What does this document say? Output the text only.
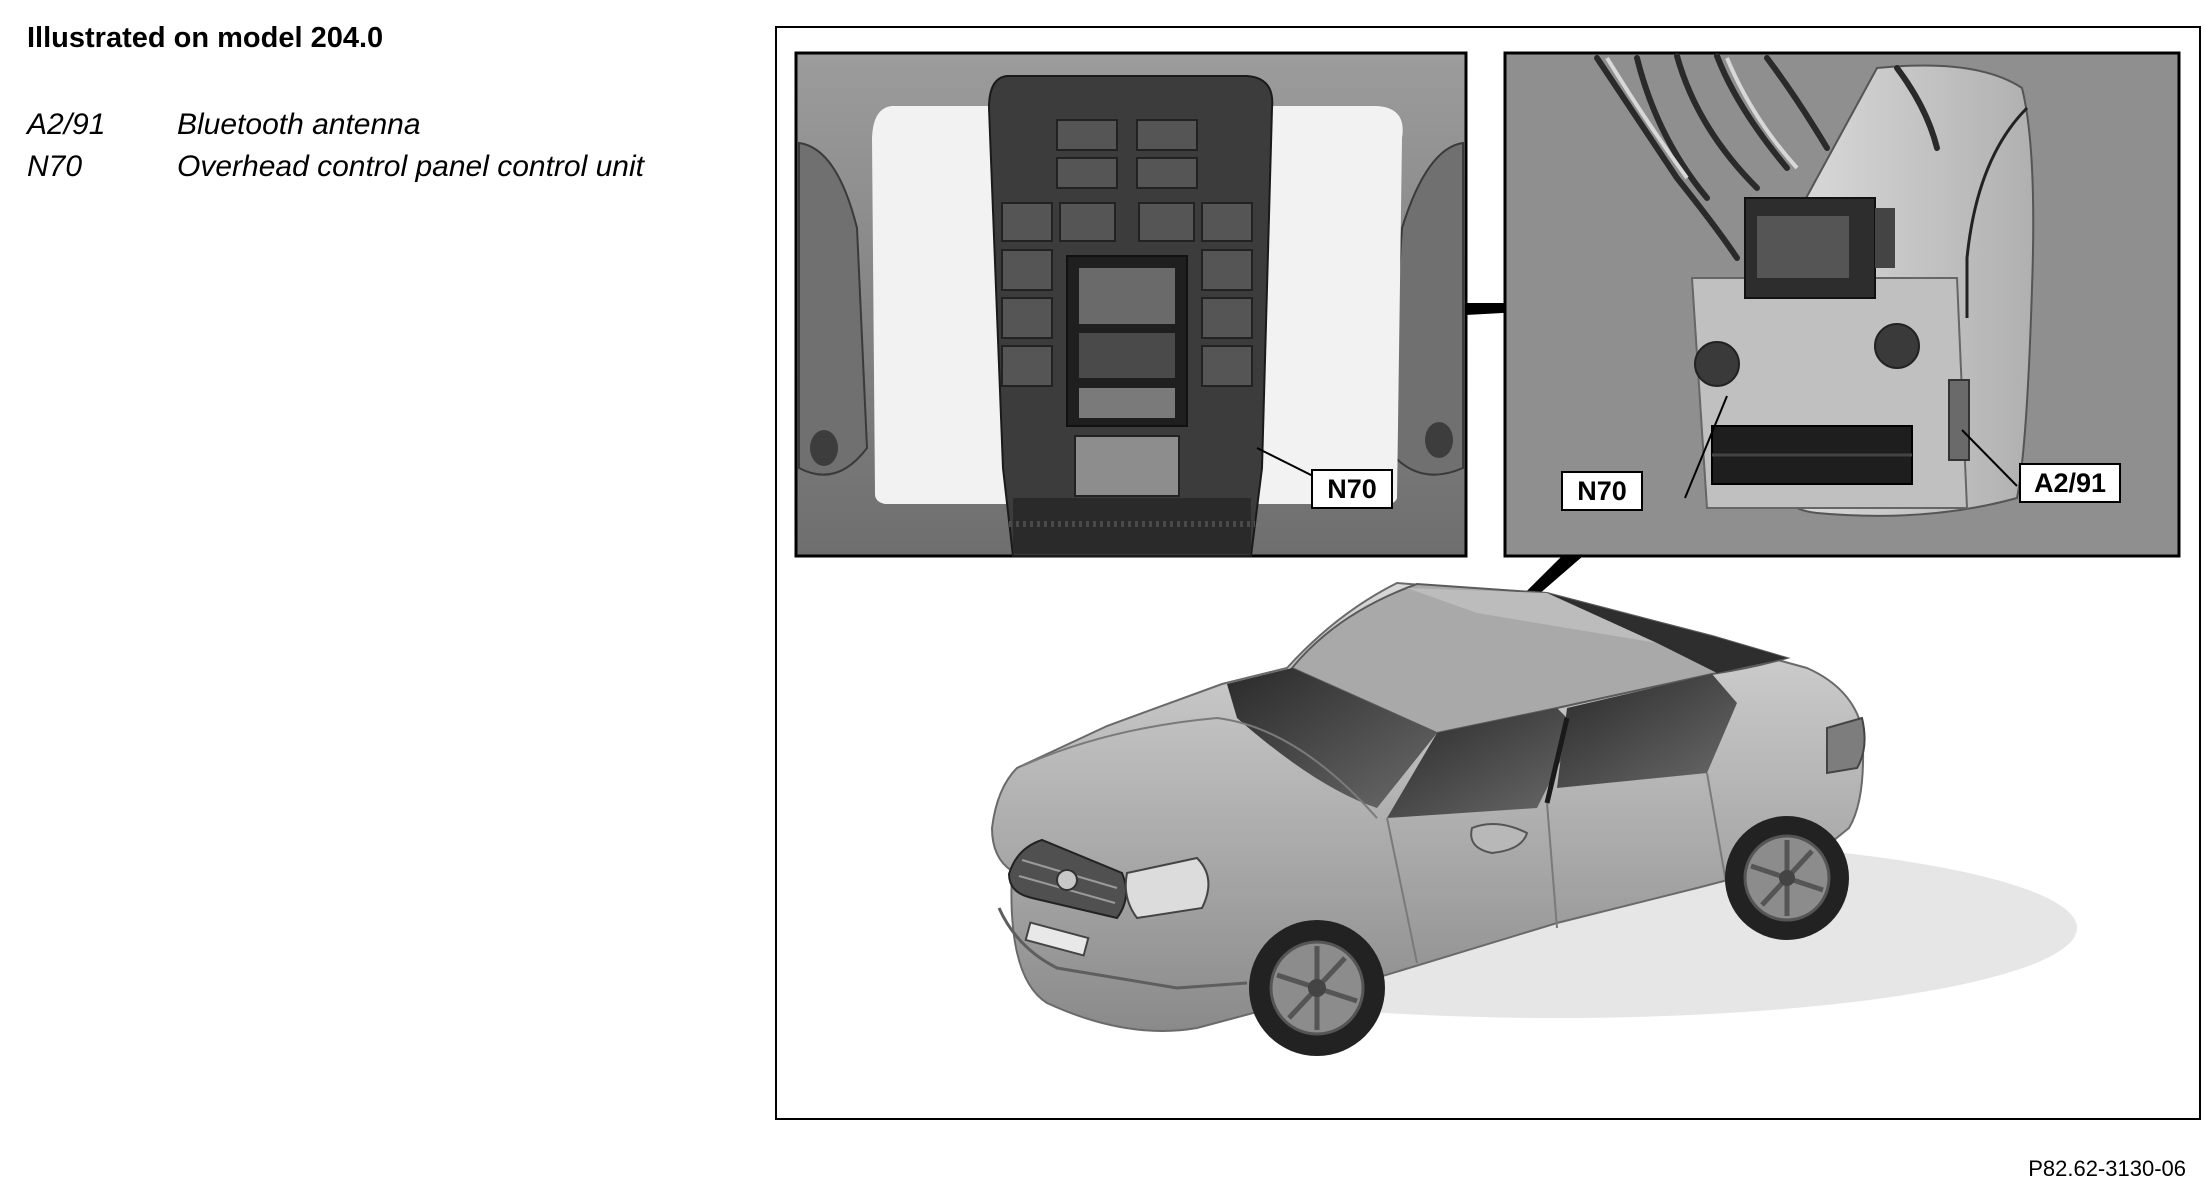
Illustrated on model 204.0
A2/91	Bluetooth antenna
N70	Overhead control panel control unit
N70	N70	A2/91
P82.62-3130-06
